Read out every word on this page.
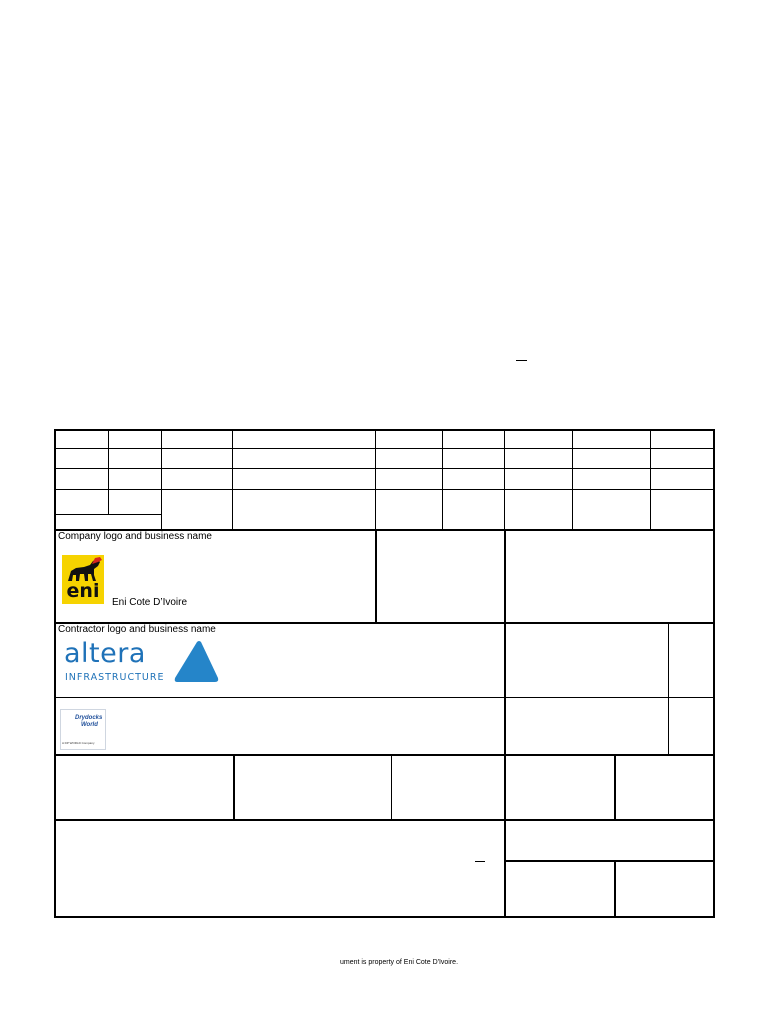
Company logo and business name
eni
Eni Cote D’Ivoire
Contractor logo and business name
altera
INFRASTRUCTURE
Drydocks
World
A DP WORLD Company
ument is property of Eni Cote D'Ivoire.
